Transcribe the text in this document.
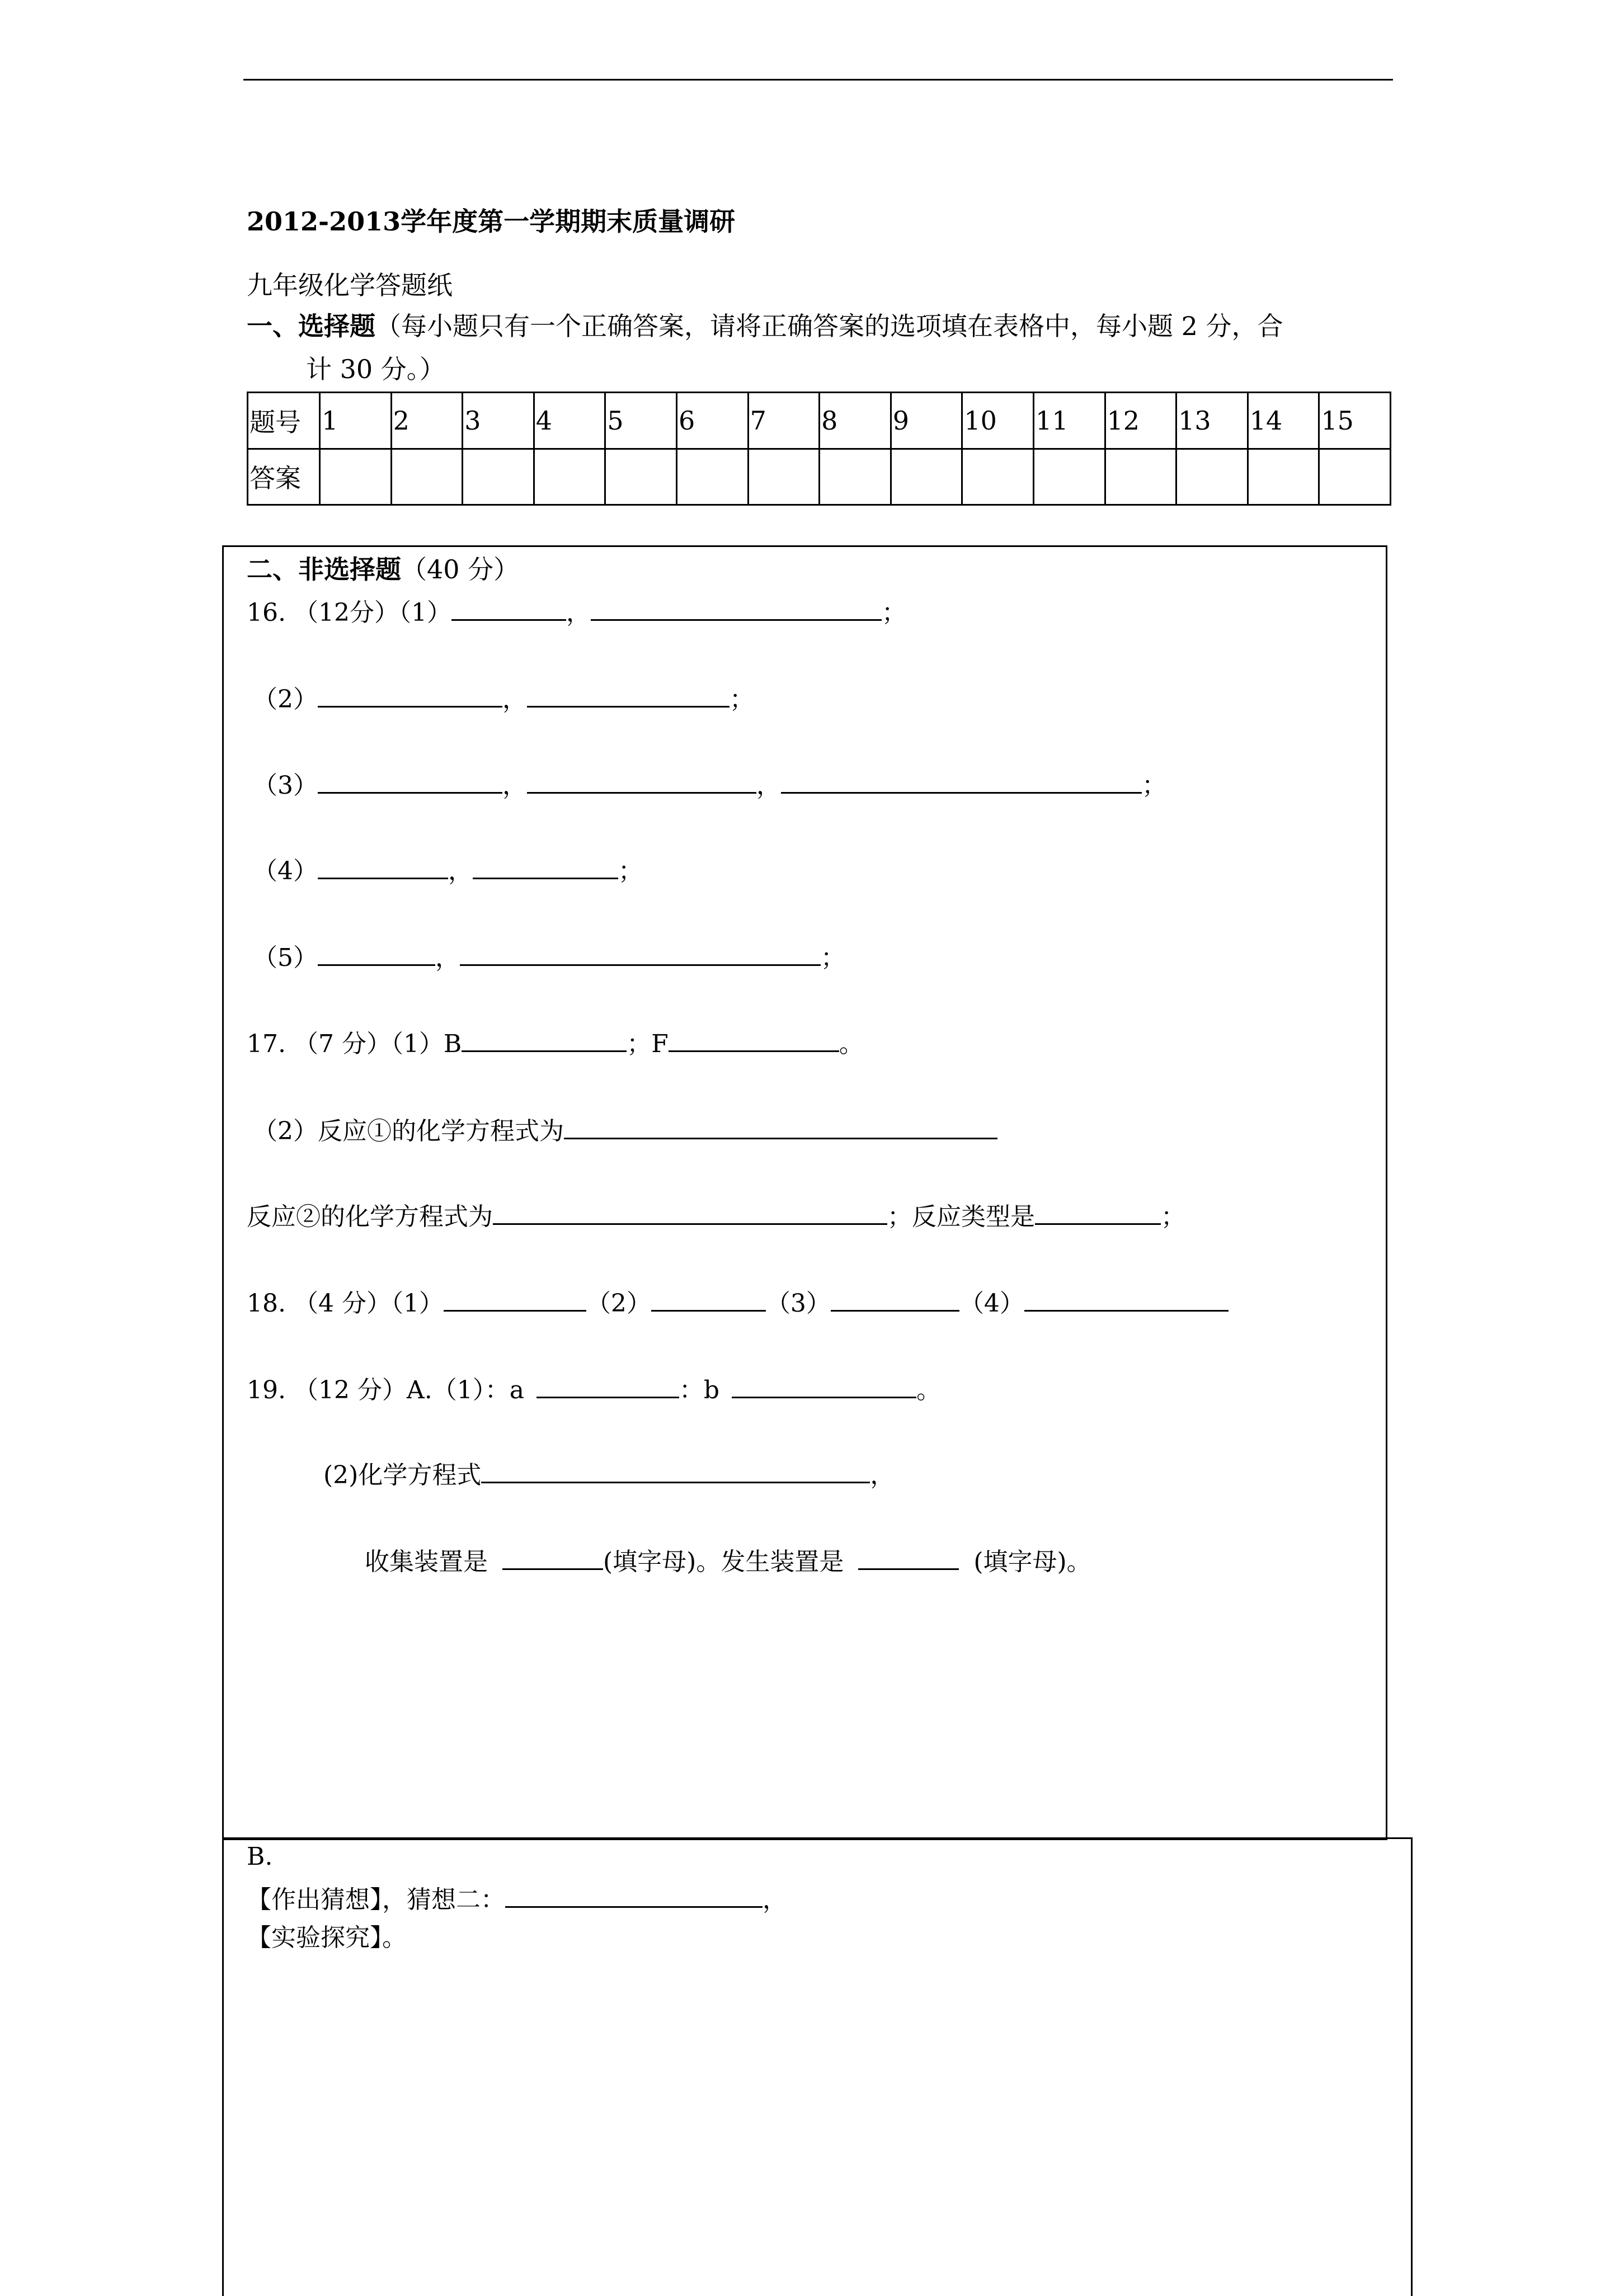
2012-2013学年度第一学期期末质量调研
九年级化学答题纸
一、选择题（每小题只有一个正确答案，请将正确答案的选项填在表格中，每小题 2 分，合
计 30 分。）
题号	1	2	3	4	5	6	7	8	9	10	11	12	13	14	15
答案															
二、非选择题（40 分）
16. （12分）（1）	，	；
（2）	，	；
（3）	，	，	；
（4）	，	；
（5）	，	；
17. （7 分）（1）B	；F	。
（2）反应①的化学方程式为
反应②的化学方程式为	；反应类型是	；
18. （4 分）（1）	（2）	（3）	（4）
19. （12 分）A.（1）：a	：b	。
(2)化学方程式	，
收集装置是	(填字母)。发生装置是	(填字母)。
B.
【作出猜想】，猜想二：	，
【实验探究】。
